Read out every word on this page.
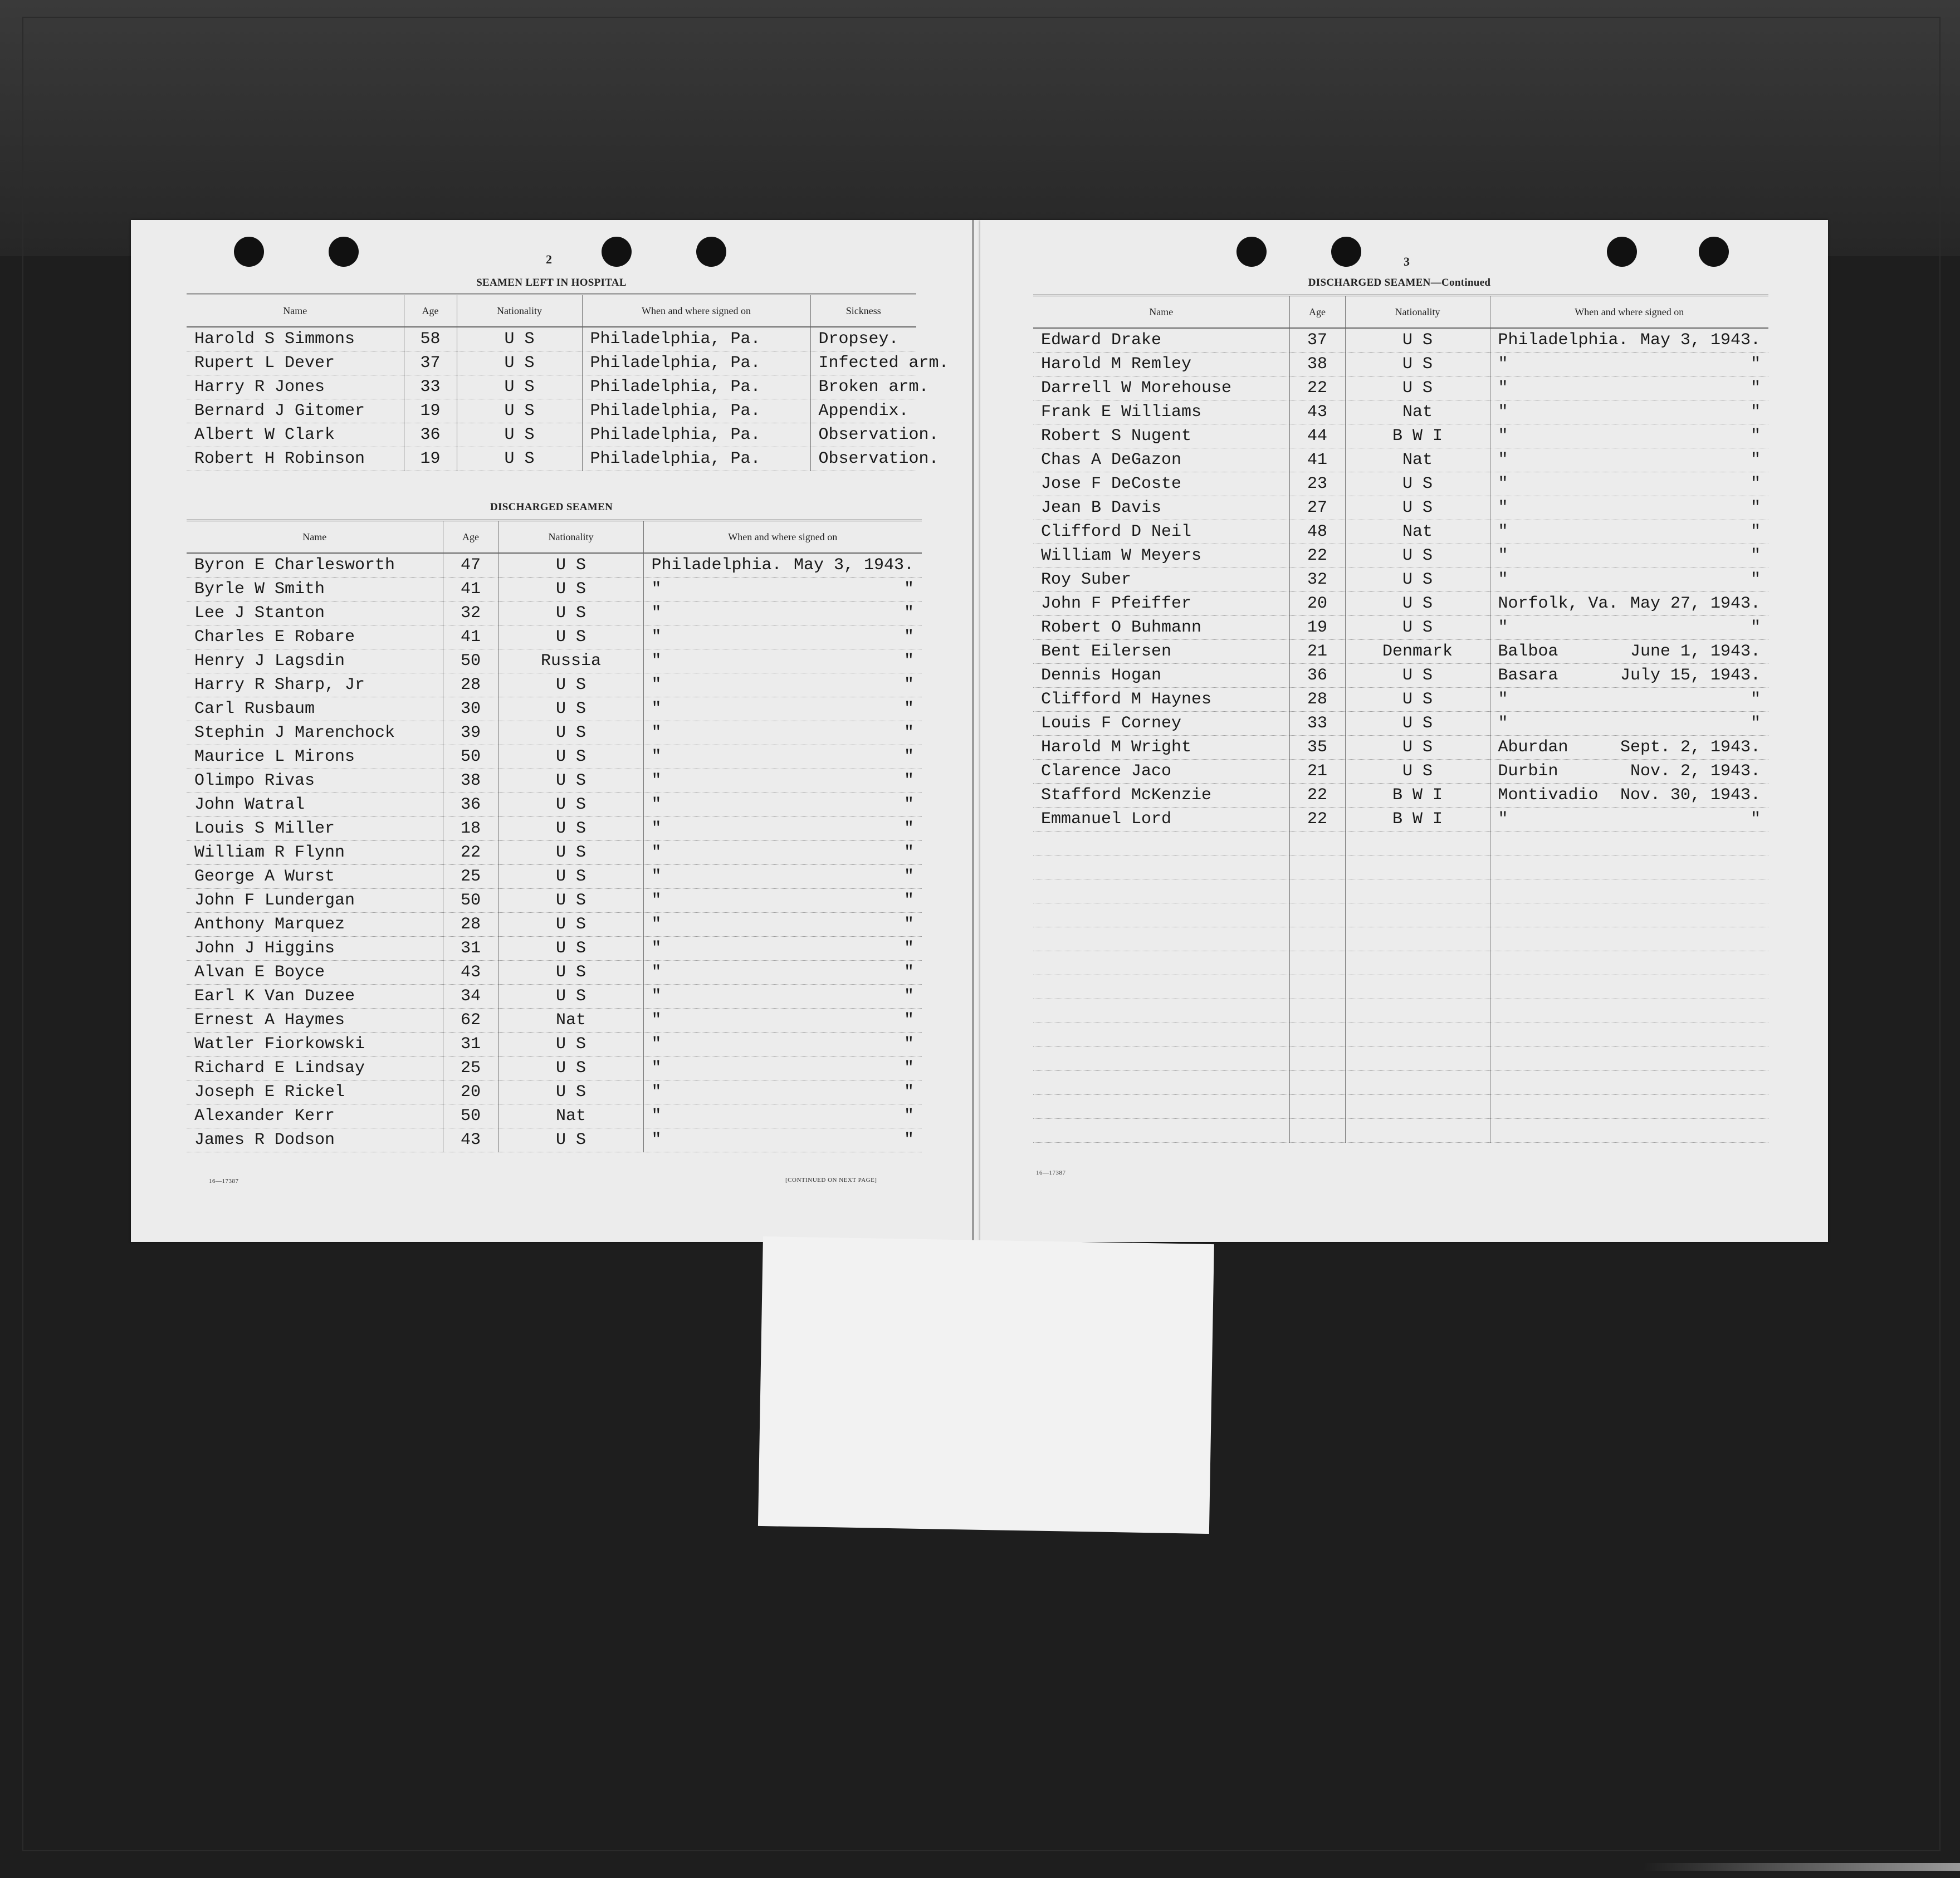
2
SEAMEN LEFT IN HOSPITAL
Name	Age	Nationality	When and where signed on	Sickness
Harold S Simmons	58	U S	Philadelphia, Pa.	Dropsey.
Rupert L Dever	37	U S	Philadelphia, Pa.	Infected arm.
Harry R Jones	33	U S	Philadelphia, Pa.	Broken arm.
Bernard J Gitomer	19	U S	Philadelphia, Pa.	Appendix.
Albert W Clark	36	U S	Philadelphia, Pa.	Observation.
Robert H Robinson	19	U S	Philadelphia, Pa.	Observation.
DISCHARGED SEAMEN
Name	Age	Nationality	When and where signed on
Byron E Charlesworth	47	U S	Philadelphia. May 3, 1943.

Byrle W Smith	41	U S	" "

Lee J Stanton	32	U S	" "

Charles E Robare	41	U S	" "

Henry J Lagsdin	50	Russia	" "

Harry R Sharp, Jr	28	U S	" "

Carl Rusbaum	30	U S	" "

Stephin J Marenchock	39	U S	" "

Maurice L Mirons	50	U S	" "

Olimpo Rivas	38	U S	" "

John Watral	36	U S	" "

Louis S Miller	18	U S	" "

William R Flynn	22	U S	" "

George A Wurst	25	U S	" "

John F Lundergan	50	U S	" "

Anthony Marquez	28	U S	" "

John J Higgins	31	U S	" "

Alvan E Boyce	43	U S	" "

Earl K Van Duzee	34	U S	" "

Ernest A Haymes	62	Nat	" "

Watler Fiorkowski	31	U S	" "

Richard E Lindsay	25	U S	" "

Joseph E Rickel	20	U S	" "

Alexander Kerr	50	Nat	" "

James R Dodson	43	U S	" "
16—17387	[CONTINUED ON NEXT PAGE]
3
DISCHARGED SEAMEN—Continued
Name	Age	Nationality	When and where signed on
Edward Drake	37	U S	Philadelphia. May 3, 1943.

Harold M Remley	38	U S	" "

Darrell W Morehouse	22	U S	" "

Frank E Williams	43	Nat	" "

Robert S Nugent	44	B W I	" "

Chas A DeGazon	41	Nat	" "

Jose F DeCoste	23	U S	" "

Jean B Davis	27	U S	" "

Clifford D Neil	48	Nat	" "

William W Meyers	22	U S	" "

Roy Suber	32	U S	" "

John F Pfeiffer	20	U S	Norfolk, Va. May 27, 1943.

Robert O Buhmann	19	U S	" "

Bent Eilersen	21	Denmark	Balboa June 1, 1943.

Dennis Hogan	36	U S	Basara July 15, 1943.

Clifford M Haynes	28	U S	" "

Louis F Corney	33	U S	" "

Harold M Wright	35	U S	Aburdan Sept. 2, 1943.

Clarence Jaco	21	U S	Durbin Nov. 2, 1943.

Stafford McKenzie	22	B W I	Montivadio Nov. 30, 1943.

Emmanuel Lord	22	B W I	" "

16—17387
